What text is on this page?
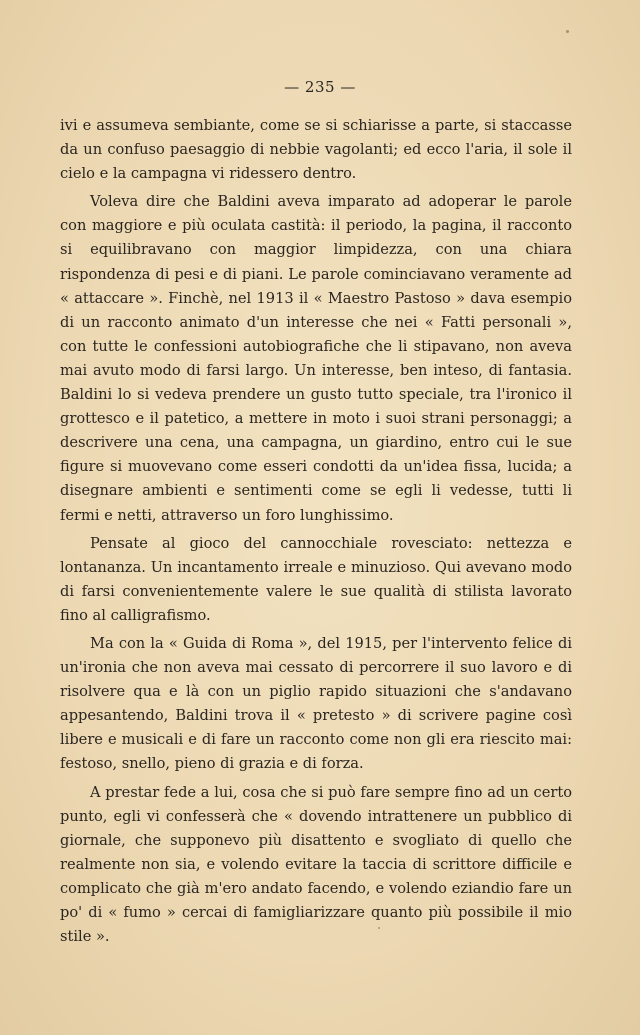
— 235 —

ivi e assumeva sembiante, come se si schiarisse a parte, si staccasse da un confuso paesaggio di nebbie vagolanti; ed ecco l'aria, il sole il cielo e la campagna vi ridessero dentro.

Voleva dire che Baldini aveva imparato ad adoperar le parole con maggiore e più oculata castità: il periodo, la pagina, il racconto si equilibravano con maggior limpidezza, con una chiara rispondenza di pesi e di piani. Le parole cominciavano veramente ad « attaccare ». Finchè, nel 1913 il « Maestro Pastoso » dava esempio di un racconto animato d'un interesse che nei « Fatti personali », con tutte le confessioni autobiografiche che li stipavano, non aveva mai avuto modo di farsi largo. Un interesse, ben inteso, di fantasia. Baldini lo si vedeva prendere un gusto tutto speciale, tra l'ironico il grottesco e il patetico, a mettere in moto i suoi strani personaggi; a descrivere una cena, una campagna, un giardino, entro cui le sue figure si muovevano come esseri condotti da un'idea fissa, lucida; a disegnare ambienti e sentimenti come se egli li vedesse, tutti li fermi e netti, attraverso un foro lunghissimo.

Pensate al gioco del cannocchiale rovesciato: nettezza e lontananza. Un incantamento irreale e minuzioso. Qui avevano modo di farsi convenientemente valere le sue qualità di stilista lavorato fino al calligrafismo.

Ma con la « Guida di Roma », del 1915, per l'intervento felice di un'ironia che non aveva mai cessato di percorrere il suo lavoro e di risolvere qua e là con un piglio rapido situazioni che s'andavano appesantendo, Baldini trova il « pretesto » di scrivere pagine così libere e musicali e di fare un racconto come non gli era riescito mai: festoso, snello, pieno di grazia e di forza.

A prestar fede a lui, cosa che si può fare sempre fino ad un certo punto, egli vi confesserà che « dovendo intrattenere un pubblico di giornale, che supponevo più disattento e svogliato di quello che realmente non sia, e volendo evitare la taccia di scrittore difficile e complicato che già m'ero andato facendo, e volendo eziandio fare un po' di « fumo » cercai di famigliarizzare quanto più possibile il mio stile ».
